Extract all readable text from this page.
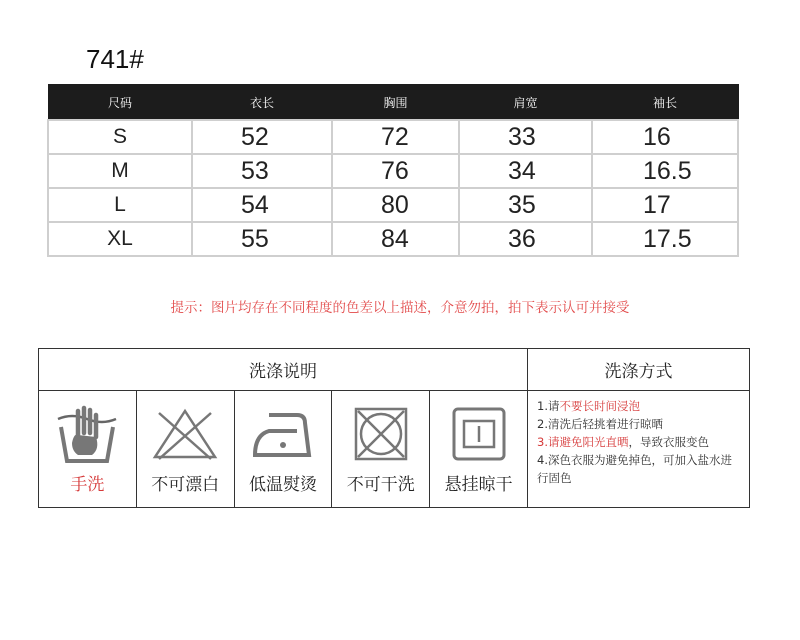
741#
尺码	衣长	胸围	肩宽	袖长
S	52	72	33	16
M	53	76	34	16.5
L	54	80	35	17
XL	55	84	36	17.5
提示：图片均存在不同程度的色差以上描述，介意勿拍，拍下表示认可并接受
洗涤说明	洗涤方式
手洗	不可漂白	低温熨烫	不可干洗	悬挂晾干
1.请不要长时间浸泡
2.清洗后轻挑着进行晾晒
3.请避免阳光直晒，导致衣服变色
4.深色衣服为避免掉色，可加入盐水进行固色
